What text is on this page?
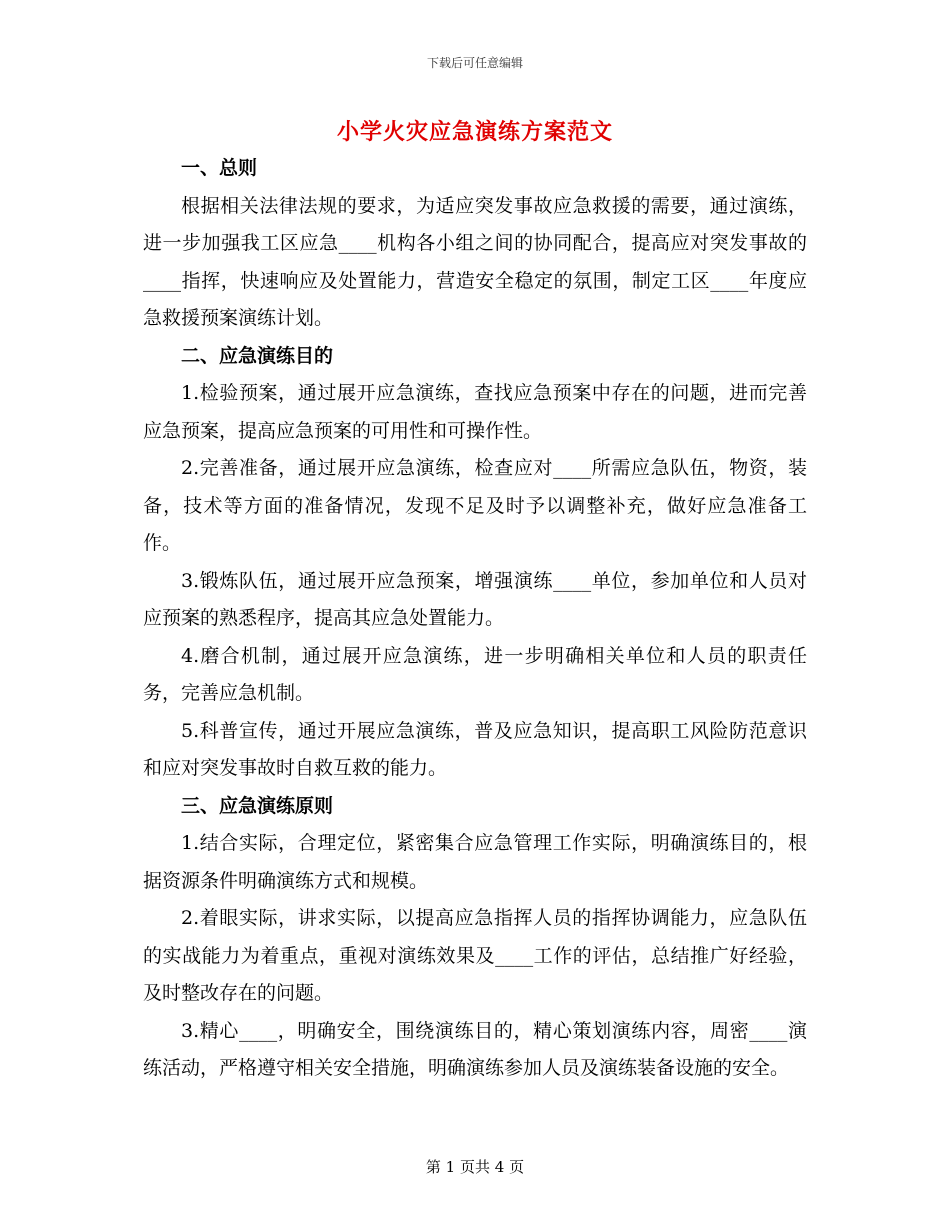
下载后可任意编辑
小学火灾应急演练方案范文
一、总则

根据相关法律法规的要求，为适应突发事故应急救援的需要，通过演练，进一步加强我工区应急____机构各小组之间的协同配合，提高应对突发事故的____指挥，快速响应及处置能力，营造安全稳定的氛围，制定工区____年度应急救援预案演练计划。

二、应急演练目的

1.检验预案，通过展开应急演练，查找应急预案中存在的问题，进而完善应急预案，提高应急预案的可用性和可操作性。

2.完善准备，通过展开应急演练，检查应对____所需应急队伍，物资，装备，技术等方面的准备情况，发现不足及时予以调整补充，做好应急准备工作。

3.锻炼队伍，通过展开应急预案，增强演练____单位，参加单位和人员对应预案的熟悉程序，提高其应急处置能力。

4.磨合机制，通过展开应急演练，进一步明确相关单位和人员的职责任务，完善应急机制。

5.科普宣传，通过开展应急演练，普及应急知识，提高职工风险防范意识和应对突发事故时自救互救的能力。

三、应急演练原则

1.结合实际，合理定位，紧密集合应急管理工作实际，明确演练目的，根据资源条件明确演练方式和规模。

2.着眼实际，讲求实际，以提高应急指挥人员的指挥协调能力，应急队伍的实战能力为着重点，重视对演练效果及____工作的评估，总结推广好经验，及时整改存在的问题。

3.精心____，明确安全，围绕演练目的，精心策划演练内容，周密____演练活动，严格遵守相关安全措施，明确演练参加人员及演练装备设施的安全。

第 1 页共 4 页
